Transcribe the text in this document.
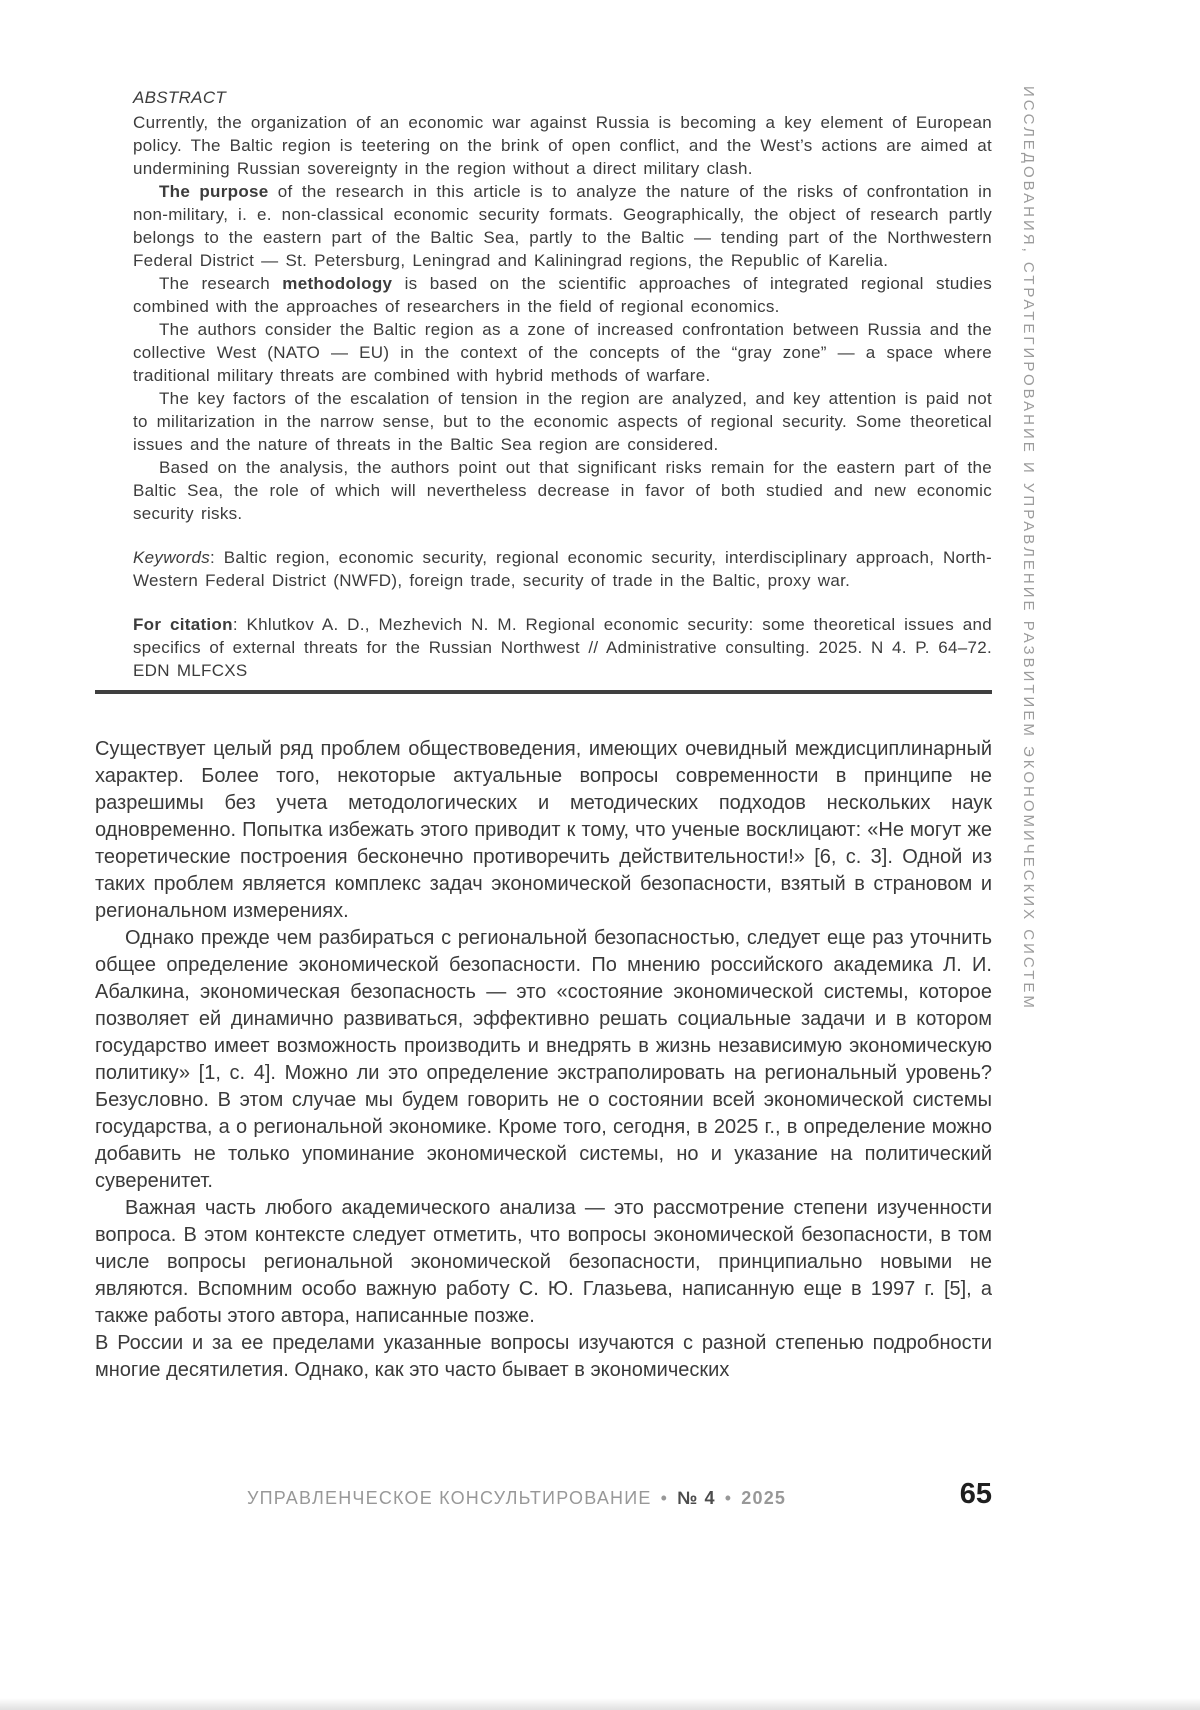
ИССЛЕДОВАНИЯ, СТРАТЕГИРОВАНИЕ И УПРАВЛЕНИЕ РАЗВИТИЕМ ЭКОНОМИЧЕСКИХ СИСТЕМ

ABSTRACT

Currently, the organization of an economic war against Russia is becoming a key element of European policy. The Baltic region is teetering on the brink of open conflict, and the West’s actions are aimed at undermining Russian sovereignty in the region without a direct military clash.

The purpose of the research in this article is to analyze the nature of the risks of confrontation in non-military, i. e. non-classical economic security formats. Geographically, the object of research partly belongs to the eastern part of the Baltic Sea, partly to the Baltic — tending part of the Northwestern Federal District — St. Petersburg, Leningrad and Kaliningrad regions, the Republic of Karelia.

The research methodology is based on the scientific approaches of integrated regional studies combined with the approaches of researchers in the field of regional economics.

The authors consider the Baltic region as a zone of increased confrontation between Russia and the collective West (NATO — EU) in the context of the concepts of the “gray zone” — a space where traditional military threats are combined with hybrid methods of warfare.

The key factors of the escalation of tension in the region are analyzed, and key attention is paid not to militarization in the narrow sense, but to the economic aspects of regional security. Some theoretical issues and the nature of threats in the Baltic Sea region are considered.

Based on the analysis, the authors point out that significant risks remain for the eastern part of the Baltic Sea, the role of which will nevertheless decrease in favor of both studied and new economic security risks.

Keywords: Baltic region, economic security, regional economic security, interdisciplinary approach, North-Western Federal District (NWFD), foreign trade, security of trade in the Baltic, proxy war.

For citation: Khlutkov A. D., Mezhevich N. M. Regional economic security: some theoretical issues and specifics of external threats for the Russian Northwest // Administrative consulting. 2025. N 4. P. 64–72. EDN MLFCXS

Существует целый ряд проблем обществоведения, имеющих очевидный междисциплинарный характер. Более того, некоторые актуальные вопросы современности в принципе не разрешимы без учета методологических и методических подходов нескольких наук одновременно. Попытка избежать этого приводит к тому, что ученые восклицают: «Не могут же теоретические построения бесконечно противоречить действительности!» [6, с. 3]. Одной из таких проблем является комплекс задач экономической безопасности, взятый в страновом и региональном измерениях.

Однако прежде чем разбираться с региональной безопасностью, следует еще раз уточнить общее определение экономической безопасности. По мнению российского академика Л. И. Абалкина, экономическая безопасность — это «состояние экономической системы, которое позволяет ей динамично развиваться, эффективно решать социальные задачи и в котором государство имеет возможность производить и внедрять в жизнь независимую экономическую политику» [1, с. 4]. Можно ли это определение экстраполировать на региональный уровень? Безусловно. В этом случае мы будем говорить не о состоянии всей экономической системы государства, а о региональной экономике. Кроме того, сегодня, в 2025 г., в определение можно добавить не только упоминание экономической системы, но и указание на политический суверенитет.

Важная часть любого академического анализа — это рассмотрение степени изученности вопроса. В этом контексте следует отметить, что вопросы экономической безопасности, в том числе вопросы региональной экономической безопасности, принципиально новыми не являются. Вспомним особо важную работу С. Ю. Глазьева, написанную еще в 1997 г. [5], а также работы этого автора, написанные позже.

В России и за ее пределами указанные вопросы изучаются с разной степенью подробности многие десятилетия. Однако, как это часто бывает в экономических

УПРАВЛЕНЧЕСКОЕ КОНСУЛЬТИРОВАНИЕ • № 4 • 2025	65
